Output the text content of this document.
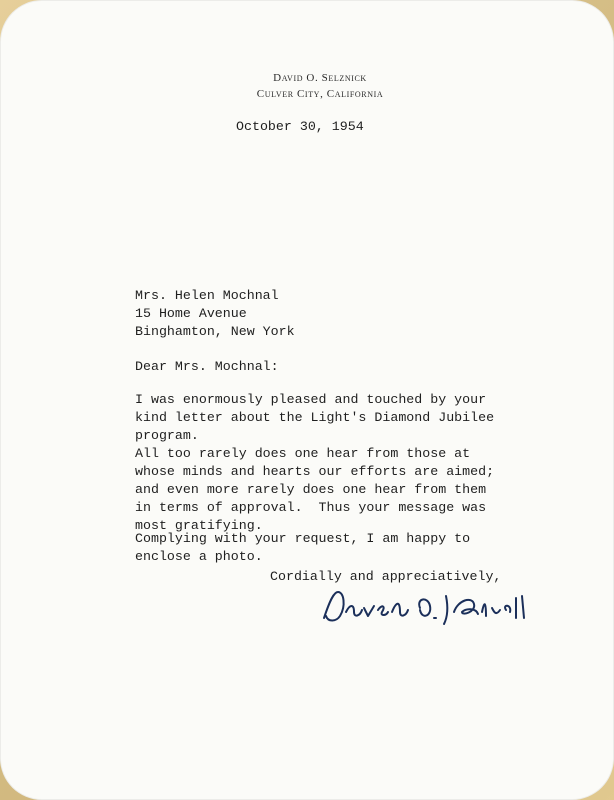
David O. Selznick
Culver City, California
October 30, 1954
Mrs. Helen Mochnal
15 Home Avenue
Binghamton, New York
Dear Mrs. Mochnal:
I was enormously pleased and touched by your
kind letter about the Light's Diamond Jubilee
program.
All too rarely does one hear from those at
whose minds and hearts our efforts are aimed;
and even more rarely does one hear from them
in terms of approval.  Thus your message was
most gratifying.
Complying with your request, I am happy to
enclose a photo.
Cordially and appreciatively,
